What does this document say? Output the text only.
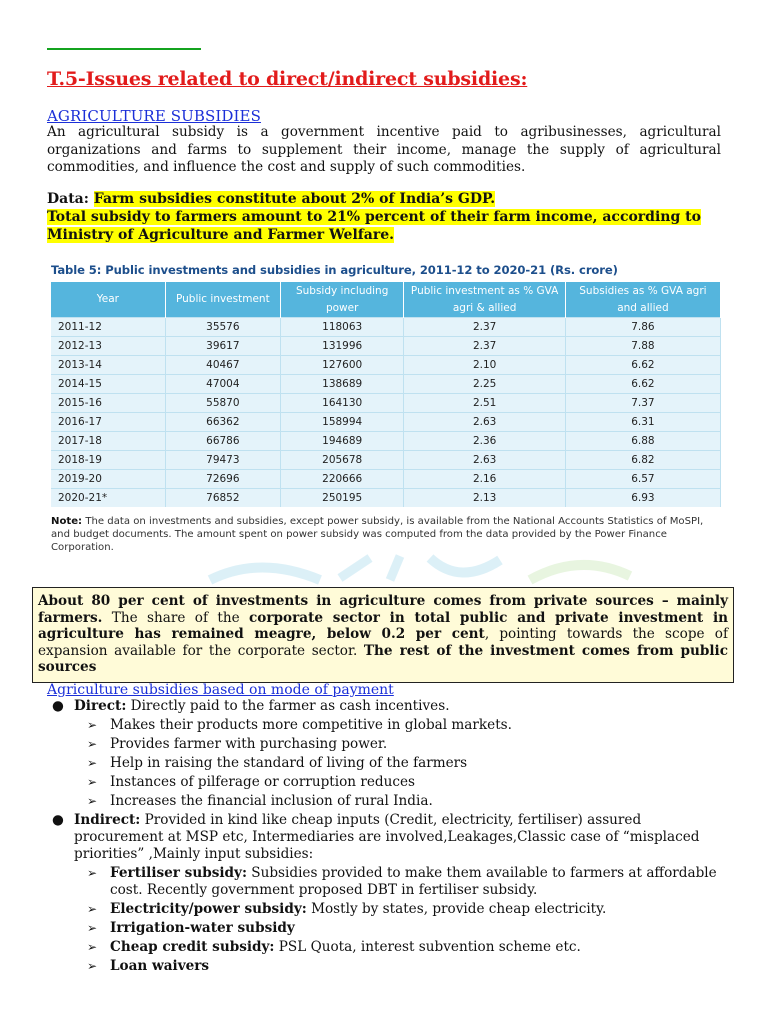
T.5-Issues related to direct/indirect subsidies:
AGRICULTURE SUBSIDIES
An agricultural subsidy is a government incentive paid to agribusinesses, agricultural organizations and farms to supplement their income, manage the supply of agricultural commodities, and influence the cost and supply of such commodities.
Data: Farm subsidies constitute about 2% of India’s GDP.
Total subsidy to farmers amount to 21% percent of their farm income, according to Ministry of Agriculture and Farmer Welfare.
Table 5: Public investments and subsidies in agriculture, 2011-12 to 2020-21 (Rs. crore)
Year	Public investment	Subsidy including power	Public investment as % GVA agri & allied	Subsidies as % GVA agri and allied
2011-12	35576	118063	2.37	7.86
2012-13	39617	131996	2.37	7.88
2013-14	40467	127600	2.10	6.62
2014-15	47004	138689	2.25	6.62
2015-16	55870	164130	2.51	7.37
2016-17	66362	158994	2.63	6.31
2017-18	66786	194689	2.36	6.88
2018-19	79473	205678	2.63	6.82
2019-20	72696	220666	2.16	6.57
2020-21*	76852	250195	2.13	6.93
Note: The data on investments and subsidies, except power subsidy, is available from the National Accounts Statistics of MoSPI, and budget documents. The amount spent on power subsidy was computed from the data provided by the Power Finance Corporation.
About 80 per cent of investments in agriculture comes from private sources – mainly farmers. The share of the corporate sector in total public and private investment in agriculture has remained meagre, below 0.2 per cent, pointing towards the scope of expansion available for the corporate sector. The rest of the investment comes from public sources
Agriculture subsidies based on mode of payment
● Direct: Directly paid to the farmer as cash incentives.
➢ Makes their products more competitive in global markets.
➢ Provides farmer with purchasing power.
➢ Help in raising the standard of living of the farmers
➢ Instances of pilferage or corruption reduces
➢ Increases the financial inclusion of rural India.
● Indirect: Provided in kind like cheap inputs (Credit, electricity, fertiliser) assured procurement at MSP etc, Intermediaries are involved,Leakages,Classic case of “misplaced priorities” ,Mainly input subsidies:
➢ Fertiliser subsidy: Subsidies provided to make them available to farmers at affordable cost. Recently government proposed DBT in fertiliser subsidy.
➢ Electricity/power subsidy: Mostly by states, provide cheap electricity.
➢ Irrigation-water subsidy
➢ Cheap credit subsidy: PSL Quota, interest subvention scheme etc.
➢ Loan waivers
